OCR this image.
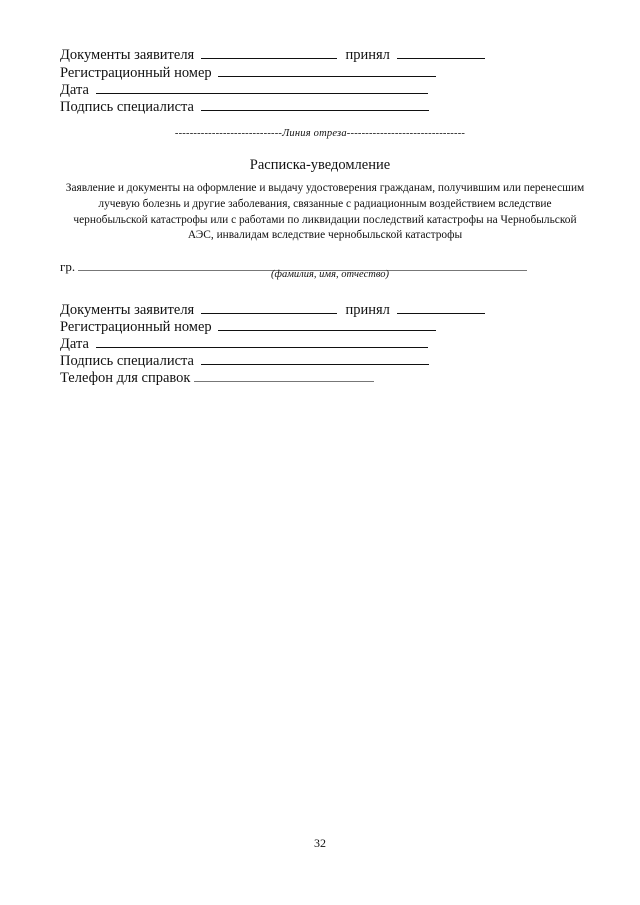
Документы заявителя	принял
Регистрационный номер
Дата
Подпись специалиста
-----------------------------Линия отреза--------------------------------
Расписка-уведомление
Заявление и документы на оформление и выдачу удостоверения гражданам, получившим или перенесшим лучевую болезнь и другие заболевания, связанные с радиационным воздействием вследствие чернобыльской катастрофы или с работами по ликвидации последствий катастрофы на Чернобыльской АЭС, инвалидам вследствие чернобыльской катастрофы
гр.
(фамилия, имя, отчество)
Документы заявителя	принял
Регистрационный номер
Дата
Подпись специалиста
Телефон для справок
32
